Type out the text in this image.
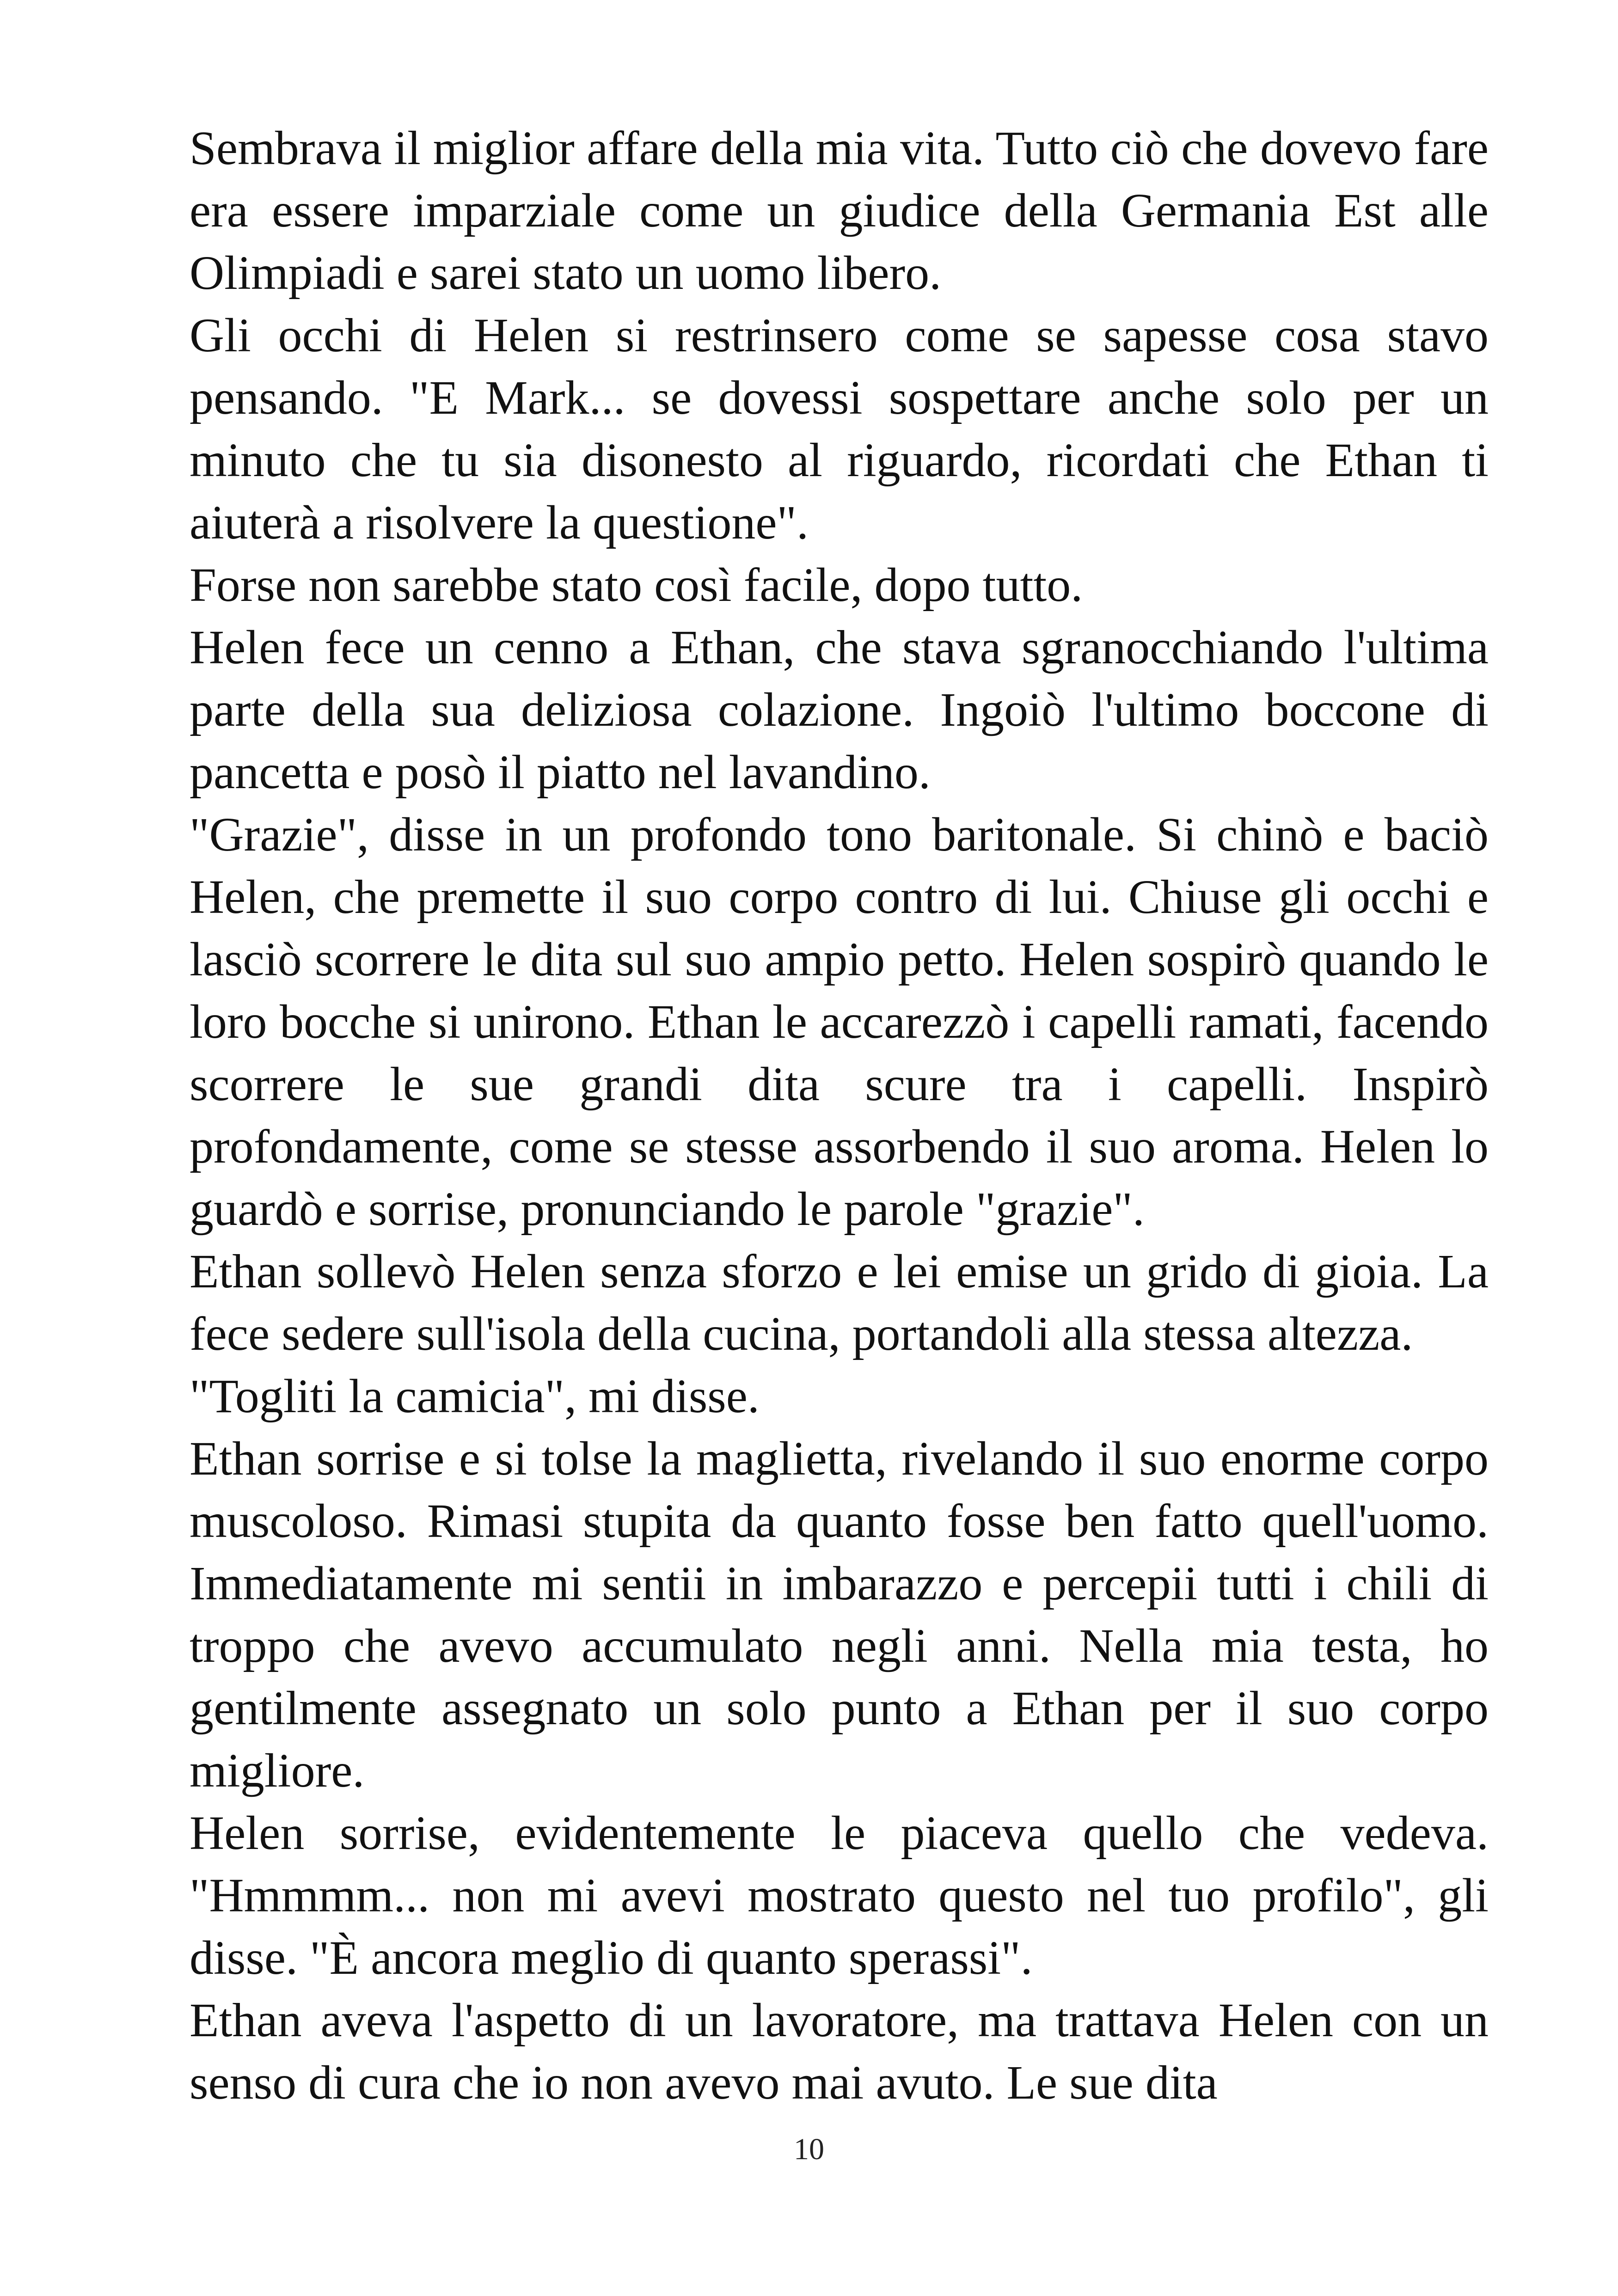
Sembrava il miglior affare della mia vita. Tutto ciò che dovevo fare era essere imparziale come un giudice della Germania Est alle Olimpiadi e sarei stato un uomo libero.

Gli occhi di Helen si restrinsero come se sapesse cosa stavo pensando. "E Mark... se dovessi sospettare anche solo per un minuto che tu sia disonesto al riguardo, ricordati che Ethan ti aiuterà a risolvere la questione".

Forse non sarebbe stato così facile, dopo tutto.

Helen fece un cenno a Ethan, che stava sgranocchiando l'ultima parte della sua deliziosa colazione. Ingoiò l'ultimo boccone di pancetta e posò il piatto nel lavandino.

"Grazie", disse in un profondo tono baritonale. Si chinò e baciò Helen, che premette il suo corpo contro di lui. Chiuse gli occhi e lasciò scorrere le dita sul suo ampio petto. Helen sospirò quando le loro bocche si unirono. Ethan le accarezzò i capelli ramati, facendo scorrere le sue grandi dita scure tra i capelli. Inspirò profondamente, come se stesse assorbendo il suo aroma. Helen lo guardò e sorrise, pronunciando le parole "grazie".

Ethan sollevò Helen senza sforzo e lei emise un grido di gioia. La fece sedere sull'isola della cucina, portandoli alla stessa altezza.

"Togliti la camicia", mi disse.

Ethan sorrise e si tolse la maglietta, rivelando il suo enorme corpo muscoloso. Rimasi stupita da quanto fosse ben fatto quell'uomo. Immediatamente mi sentii in imbarazzo e percepii tutti i chili di troppo che avevo accumulato negli anni. Nella mia testa, ho gentilmente assegnato un solo punto a Ethan per il suo corpo migliore.

Helen sorrise, evidentemente le piaceva quello che vedeva. "Hmmmm... non mi avevi mostrato questo nel tuo profilo", gli disse. "È ancora meglio di quanto sperassi".

Ethan aveva l'aspetto di un lavoratore, ma trattava Helen con un senso di cura che io non avevo mai avuto. Le sue dita

10
